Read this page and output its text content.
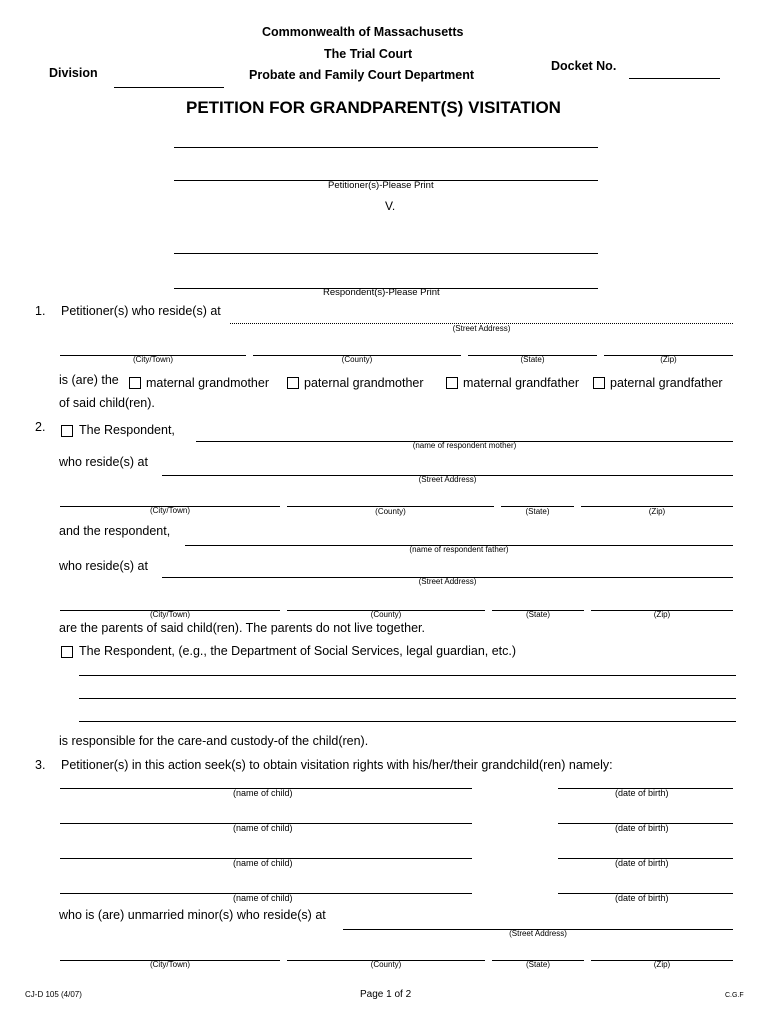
Commonwealth of Massachusetts
The Trial Court
Probate and Family Court Department
Division	Docket No.
PETITION FOR GRANDPARENT(S) VISITATION
Petitioner(s)-Please Print
V.
Respondent(s)-Please Print
1. Petitioner(s) who reside(s) at
(Street Address)
(City/Town)	(County)	(State)	(Zip)
is (are) the maternal grandmother	paternal grandmother	maternal grandfather paternal grandfather
of said child(ren).
2.	The Respondent,
(name of respondent mother)
who reside(s) at
(Street Address)
(City/Town)	(County)	(State)	(Zip)
and the respondent,
(name of respondent father)
who reside(s) at
(Street Address)
(City/Town)	(County)	(State)	(Zip)
are the parents of said child(ren). The parents do not live together.
The Respondent, (e.g., the Department of Social Services, legal guardian, etc.)
is responsible for the care-and custody-of the child(ren).
3. Petitioner(s) in this action seek(s) to obtain visitation rights with his/her/their grandchild(ren) namely:
(name of child)	(date of birth)
(name of child)	(date of birth)
(name of child)	(date of birth)
(name of child)	(date of birth)
who is (are) unmarried minor(s) who reside(s) at
(Street Address)
(City/Town)	(County)	(State)	(Zip)
CJ-D 105 (4/07)	Page 1 of 2	C.G.F
